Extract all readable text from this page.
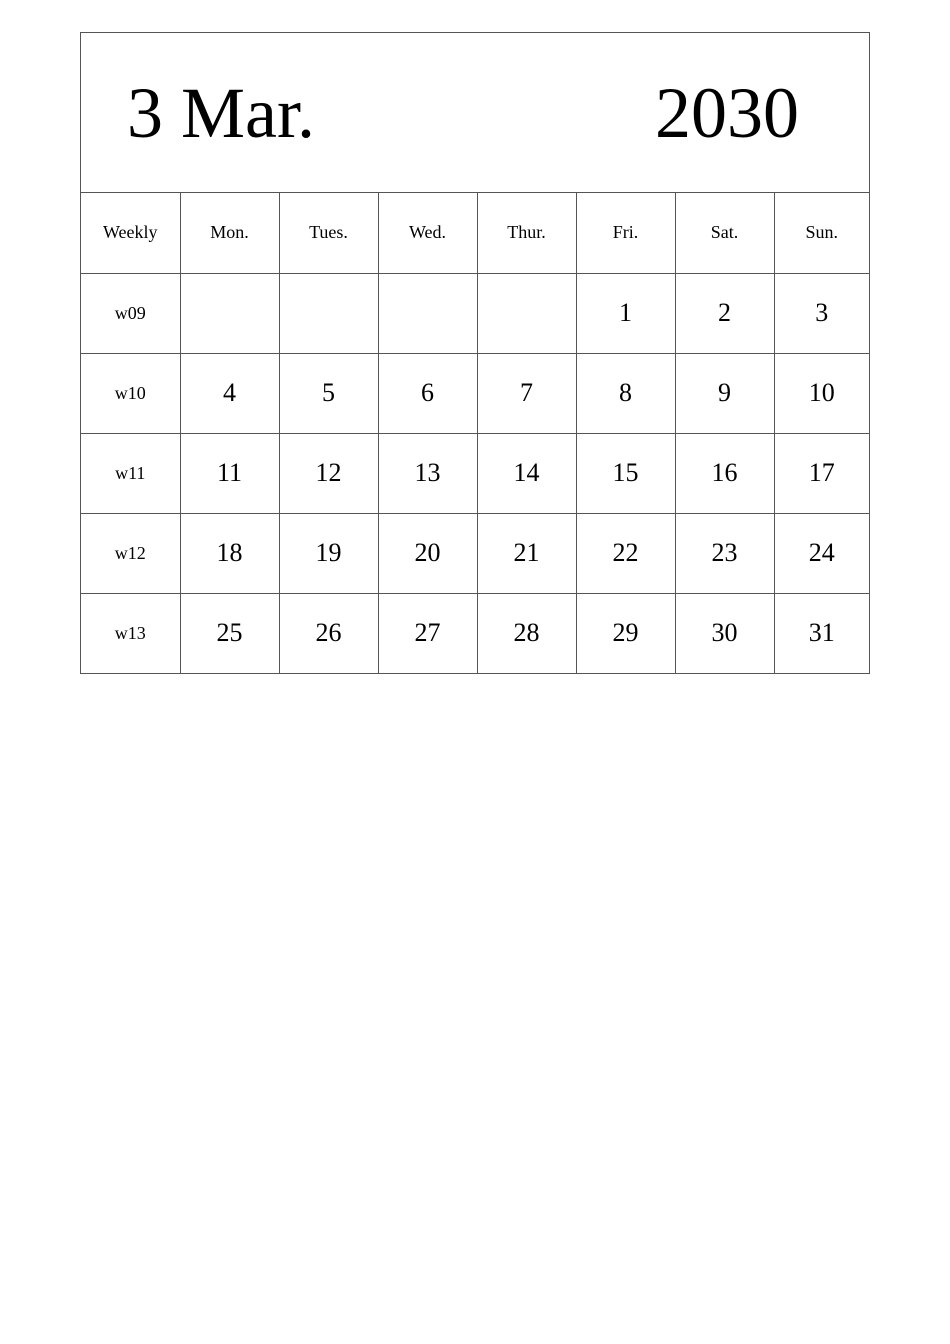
3 Mar.	2030
Weekly	Mon.	Tues.	Wed.	Thur.	Fri.	Sat.	Sun.
w09					1	2	3
w10	4	5	6	7	8	9	10
w11	11	12	13	14	15	16	17
w12	18	19	20	21	22	23	24
w13	25	26	27	28	29	30	31
